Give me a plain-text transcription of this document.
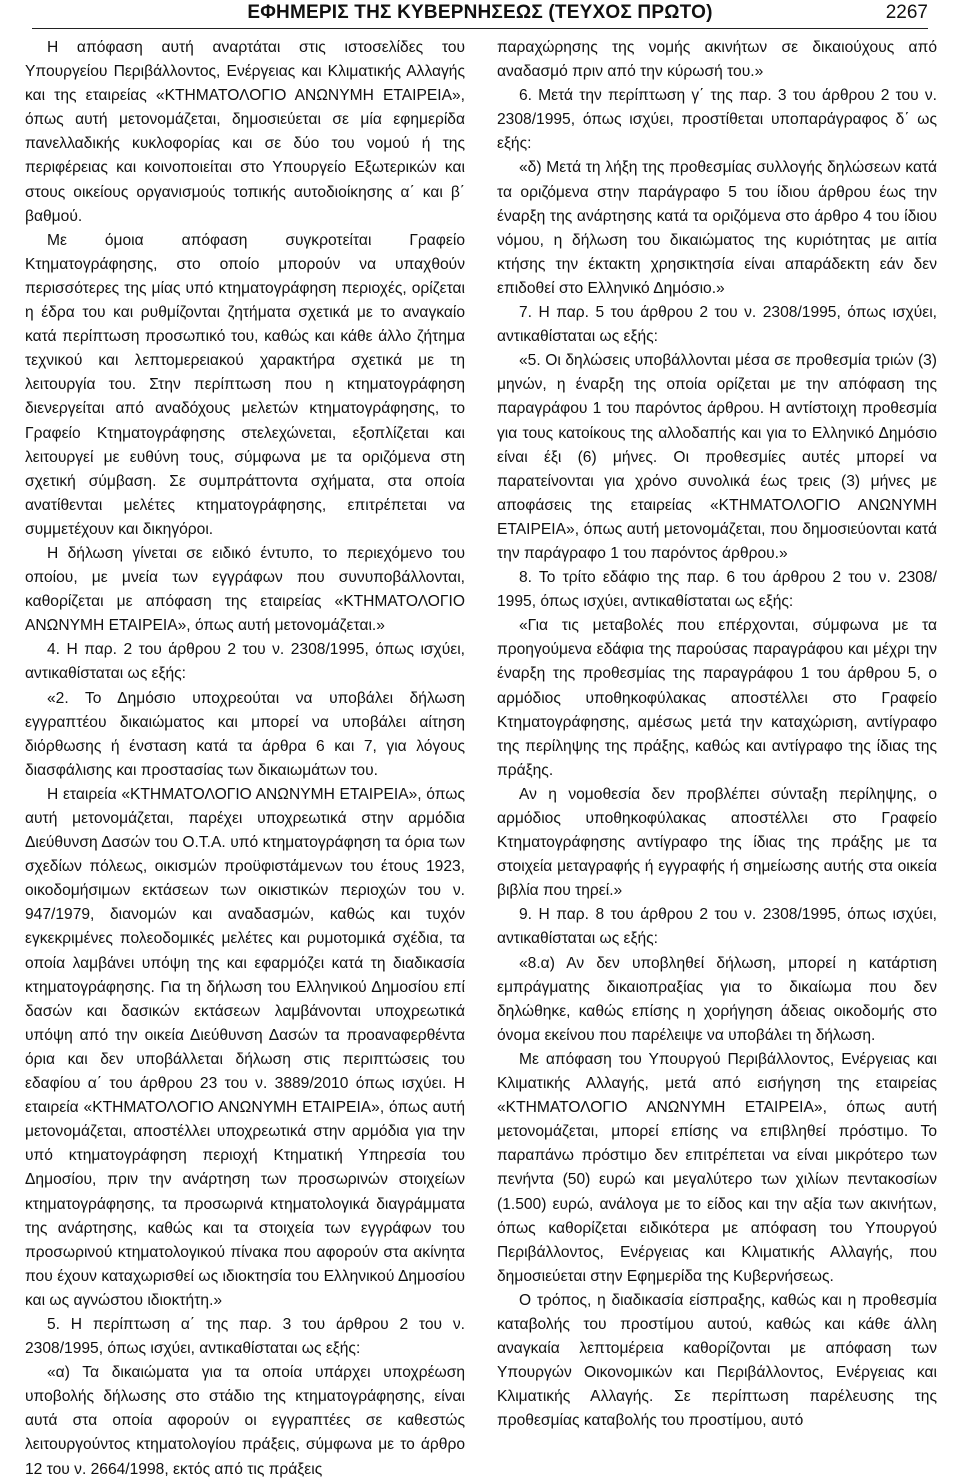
ΕΦΗΜΕΡΙΣ ΤΗΣ ΚΥΒΕΡΝΗΣΕΩΣ (ΤΕΥΧΟΣ ΠΡΩΤΟ)	2267

Η απόφαση αυτή αναρτάται στις ιστοσελίδες του Υπουργείου Περιβάλλοντος, Ενέργειας και Κλιματικής Αλλαγής και της εταιρείας «ΚΤΗΜΑΤΟΛΟΓΙΟ ΑΝΩΝΥΜΗ ΕΤΑΙΡΕΙΑ», όπως αυτή μετονομάζεται, δημοσιεύεται σε μία εφημερίδα πανελλαδικής κυκλοφορίας και σε δύο του νομού ή της περιφέρειας και κοινοποιείται στο Υπουργείο Εξωτερικών και στους οικείους οργανισμούς τοπικής αυτοδιοίκησης α΄ και β΄ βαθμού.

Με όμοια απόφαση συγκροτείται Γραφείο Κτηματογράφησης, στο οποίο μπορούν να υπαχθούν περισσότερες της μίας υπό κτηματογράφηση περιοχές, ορίζεται η έδρα του και ρυθμίζονται ζητήματα σχετικά με το αναγκαίο κατά περίπτωση προσωπικό του, καθώς και κάθε άλλο ζήτημα τεχνικού και λεπτομερειακού χαρακτήρα σχετικά με τη λειτουργία του. Στην περίπτωση που η κτηματογράφηση διενεργείται από αναδόχους μελετών κτηματογράφησης, το Γραφείο Κτηματογράφησης στελεχώνεται, εξοπλίζεται και λειτουργεί με ευθύνη τους, σύμφωνα με τα οριζόμενα στη σχετική σύμβαση. Σε συμπράττοντα σχήματα, στα οποία ανατίθενται μελέτες κτηματογράφησης, επιτρέπεται να συμμετέχουν και δικηγόροι.

Η δήλωση γίνεται σε ειδικό έντυπο, το περιεχόμενο του οποίου, με μνεία των εγγράφων που συνυποβάλλονται, καθορίζεται με απόφαση της εταιρείας «ΚΤΗΜΑΤΟΛΟΓΙΟ ΑΝΩΝΥΜΗ ΕΤΑΙΡΕΙΑ», όπως αυτή μετονομάζεται.»

4. Η παρ. 2 του άρθρου 2 του ν. 2308/1995, όπως ισχύει, αντικαθίσταται ως εξής:

«2. Το Δημόσιο υποχρεούται να υποβάλει δήλωση εγγραπτέου δικαιώματος και μπορεί να υποβάλει αίτηση διόρθωσης ή ένσταση κατά τα άρθρα 6 και 7, για λόγους διασφάλισης και προστασίας των δικαιωμάτων του.

Η εταιρεία «ΚΤΗΜΑΤΟΛΟΓΙΟ ΑΝΩΝΥΜΗ ΕΤΑΙΡΕΙΑ», όπως αυτή μετονομάζεται, παρέχει υποχρεωτικά στην αρμόδια Διεύθυνση Δασών του Ο.Τ.Α. υπό κτηματογράφηση τα όρια των σχεδίων πόλεως, οικισμών προϋφιστάμενων του έτους 1923, οικοδομήσιμων εκτάσεων των οικιστικών περιοχών του ν. 947/1979, διανομών και αναδασμών, καθώς και τυχόν εγκεκριμένες πολεοδομικές μελέτες και ρυμοτομικά σχέδια, τα οποία λαμβάνει υπόψη της και εφαρμόζει κατά τη διαδικασία κτηματογράφησης. Για τη δήλωση του Ελληνικού Δημοσίου επί δασών και δασικών εκτάσεων λαμβάνονται υποχρεωτικά υπόψη από την οικεία Διεύθυνση Δασών τα προαναφερθέντα όρια και δεν υποβάλλεται δήλωση στις περιπτώσεις του εδαφίου α΄ του άρθρου 23 του ν. 3889/2010 όπως ισχύει. Η εταιρεία «ΚΤΗΜΑΤΟΛΟΓΙΟ ΑΝΩΝΥΜΗ ΕΤΑΙΡΕΙΑ», όπως αυτή μετονομάζεται, αποστέλλει υποχρεωτικά στην αρμόδια για την υπό κτηματογράφηση περιοχή Κτηματική Υπηρεσία του Δημοσίου, πριν την ανάρτηση των προσωρινών στοιχείων κτηματογράφησης, τα προσωρινά κτηματολογικά διαγράμματα της ανάρτησης, καθώς και τα στοιχεία των εγγράφων του προσωρινού κτηματολογικού πίνακα που αφορούν στα ακίνητα που έχουν καταχωρισθεί ως ιδιοκτησία του Ελληνικού Δημοσίου και ως αγνώστου ιδιοκτήτη.»

5. Η περίπτωση α΄ της παρ. 3 του άρθρου 2 του ν. 2308/1995, όπως ισχύει, αντικαθίσταται ως εξής:

«α) Τα δικαιώματα για τα οποία υπάρχει υποχρέωση υποβολής δήλωσης στο στάδιο της κτηματογράφησης, είναι αυτά στα οποία αφορούν οι εγγραπτέες σε καθεστώς λειτουργούντος κτηματολογίου πράξεις, σύμφωνα με το άρθρο 12 του ν. 2664/1998, εκτός από τις πράξεις

παραχώρησης της νομής ακινήτων σε δικαιούχους από αναδασμό πριν από την κύρωσή του.»

6. Μετά την περίπτωση γ΄ της παρ. 3 του άρθρου 2 του ν. 2308/1995, όπως ισχύει, προστίθεται υποπαράγραφος δ΄ ως εξής:

«δ) Μετά τη λήξη της προθεσμίας συλλογής δηλώσεων κατά τα οριζόμενα στην παράγραφο 5 του ίδιου άρθρου έως την έναρξη της ανάρτησης κατά τα οριζόμενα στο άρθρο 4 του ίδιου νόμου, η δήλωση του δικαιώματος της κυριότητας με αιτία κτήσης την έκτακτη χρησικτησία είναι απαράδεκτη εάν δεν επιδοθεί στο Ελληνικό Δημόσιο.»

7. Η παρ. 5 του άρθρου 2 του ν. 2308/1995, όπως ισχύει, αντικαθίσταται ως εξής:

«5. Οι δηλώσεις υποβάλλονται μέσα σε προθεσμία τριών (3) μηνών, η έναρξη της οποία ορίζεται με την απόφαση της παραγράφου 1 του παρόντος άρθρου. Η αντίστοιχη προθεσμία για τους κατοίκους της αλλοδαπής και για το Ελληνικό Δημόσιο είναι έξι (6) μήνες. Οι προθεσμίες αυτές μπορεί να παρατείνονται για χρόνο συνολικά έως τρεις (3) μήνες με αποφάσεις της εταιρείας «ΚΤΗΜΑΤΟΛΟΓΙΟ ΑΝΩΝΥΜΗ ΕΤΑΙΡΕΙΑ», όπως αυτή μετονομάζεται, που δημοσιεύονται κατά την παράγραφο 1 του παρόντος άρθρου.»

8. Το τρίτο εδάφιο της παρ. 6 του άρθρου 2 του ν. 2308/ 1995, όπως ισχύει, αντικαθίσταται ως εξής:

«Για τις μεταβολές που επέρχονται, σύμφωνα με τα προηγούμενα εδάφια της παρούσας παραγράφου και μέχρι την έναρξη της προθεσμίας της παραγράφου 1 του άρθρου 5, ο αρμόδιος υποθηκοφύλακας αποστέλλει στο Γραφείο Κτηματογράφησης, αμέσως μετά την καταχώριση, αντίγραφο της περίληψης της πράξης, καθώς και αντίγραφο της ίδιας της πράξης.

Αν η νομοθεσία δεν προβλέπει σύνταξη περίληψης, ο αρμόδιος υποθηκοφύλακας αποστέλλει στο Γραφείο Κτηματογράφησης αντίγραφο της ίδιας της πράξης με τα στοιχεία μεταγραφής ή εγγραφής ή σημείωσης αυτής στα οικεία βιβλία που τηρεί.»

9. Η παρ. 8 του άρθρου 2 του ν. 2308/1995, όπως ισχύει, αντικαθίσταται ως εξής:

«8.α) Αν δεν υποβληθεί δήλωση, μπορεί η κατάρτιση εμπράγματης δικαιοπραξίας για το δικαίωμα που δεν δηλώθηκε, καθώς επίσης η χορήγηση άδειας οικοδομής στο όνομα εκείνου που παρέλειψε να υποβάλει τη δήλωση.

Με απόφαση του Υπουργού Περιβάλλοντος, Ενέργειας και Κλιματικής Αλλαγής, μετά από εισήγηση της εταιρείας «ΚΤΗΜΑΤΟΛΟΓΙΟ ΑΝΩΝΥΜΗ ΕΤΑΙΡΕΙΑ», όπως αυτή μετονομάζεται, μπορεί επίσης να επιβληθεί πρόστιμο. Το παραπάνω πρόστιμο δεν επιτρέπεται να είναι μικρότερο των πενήντα (50) ευρώ και μεγαλύτερο των χιλίων πεντακοσίων (1.500) ευρώ, ανάλογα με το είδος και την αξία των ακινήτων, όπως καθορίζεται ειδικότερα με απόφαση του Υπουργού Περιβάλλοντος, Ενέργειας και Κλιματικής Αλλαγής, που δημοσιεύεται στην Εφημερίδα της Κυβερνήσεως.

Ο τρόπος, η διαδικασία είσπραξης, καθώς και η προθεσμία καταβολής του προστίμου αυτού, καθώς και κάθε άλλη αναγκαία λεπτομέρεια καθορίζονται με απόφαση των Υπουργών Οικονομικών και Περιβάλλοντος, Ενέργειας και Κλιματικής Αλλαγής. Σε περίπτωση παρέλευσης της προθεσμίας καταβολής του προστίμου, αυτό
